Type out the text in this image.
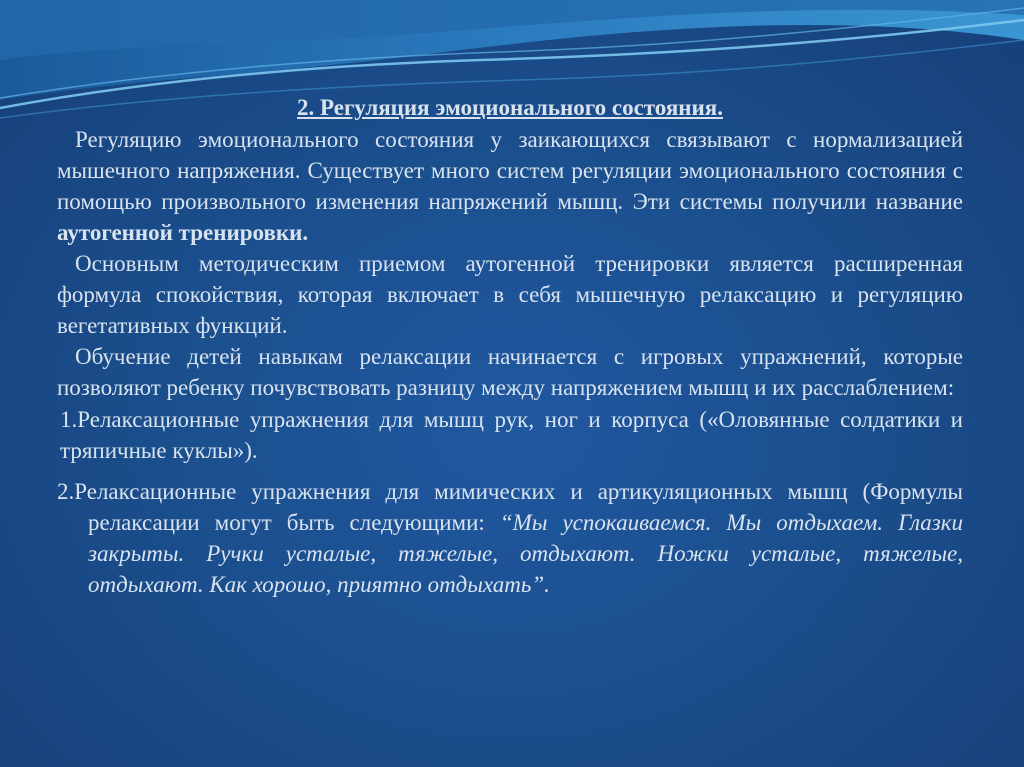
2. Регуляция эмоционального состояния.

Регуляцию эмоционального состояния у заикающихся связывают с нормализацией мышечного напряжения. Существует много систем регуляции эмоционального состояния с помощью произвольного изменения напряжений мышц. Эти системы получили название аутогенной тренировки.

Основным методическим приемом аутогенной тренировки является расширенная формула спокойствия, которая включает в себя мышечную релаксацию и регуляцию вегетативных функций.

Обучение детей навыкам релаксации начинается с игровых упражнений, которые позволяют ребенку почувствовать разницу между напряжением мышц и их расслаблением:

1.Релаксационные упражнения для мышц рук, ног и корпуса («Оловянные солдатики и тряпичные куклы»).

2.Релаксационные упражнения для мимических и артикуляционных мышц (Формулы релаксации могут быть следующими: “Мы успокаиваемся. Мы отдыхаем. Глазки закрыты. Ручки усталые, тяжелые, отдыхают. Ножки усталые, тяжелые, отдыхают. Как хорошо, приятно отдыхать”.
